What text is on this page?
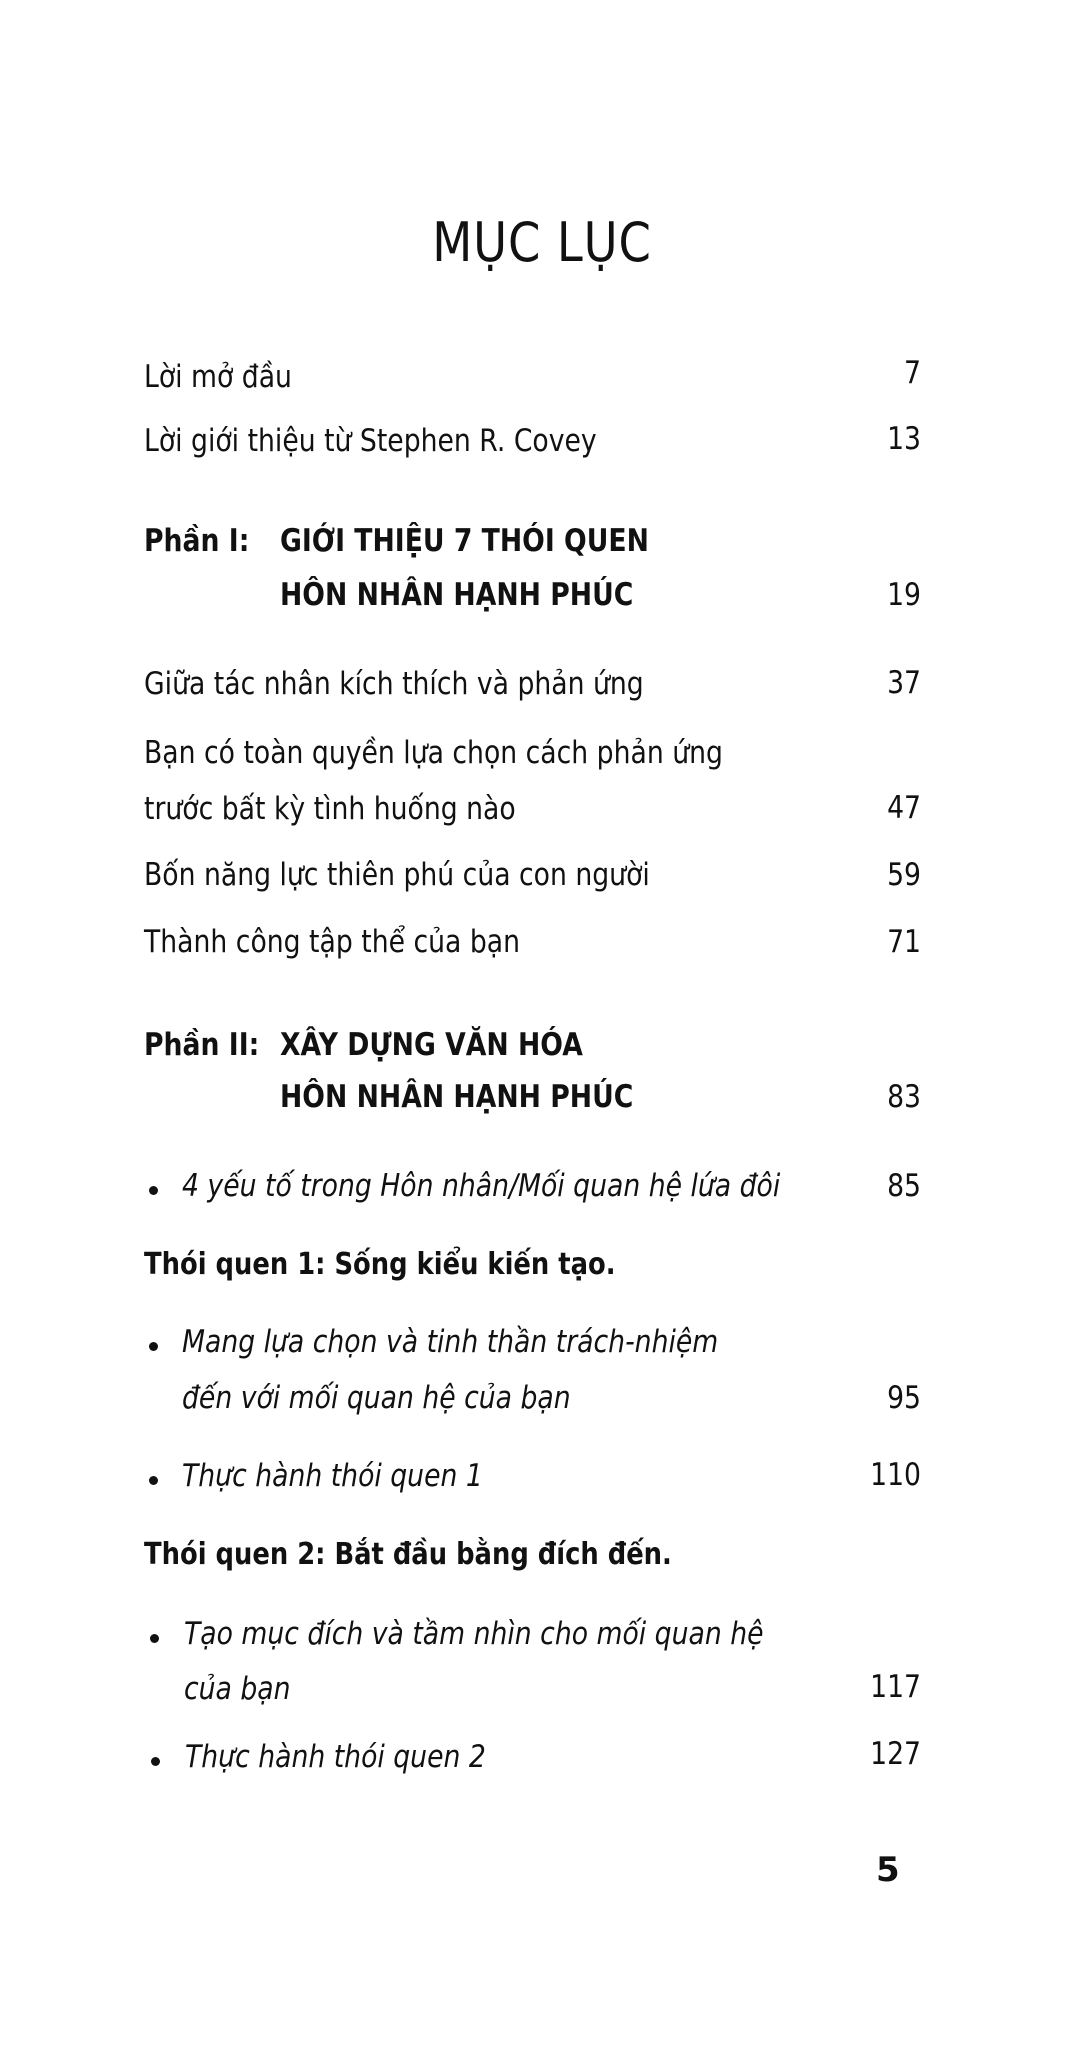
MỤC LỤC
Lời mở đầu	7
Lời giới thiệu từ Stephen R. Covey	13
Phần I: GIỚI THIỆU 7 THÓI QUEN
HÔN NHÂN HẠNH PHÚC	19
Giữa tác nhân kích thích và phản ứng	37
Bạn có toàn quyền lựa chọn cách phản ứng
trước bất kỳ tình huống nào	47
Bốn năng lực thiên phú của con người	59
Thành công tập thể của bạn	71
Phần II: XÂY DỰNG VĂN HÓA
HÔN NHÂN HẠNH PHÚC	83
4 yếu tố trong Hôn nhân/Mối quan hệ lứa đôi	85
Thói quen 1: Sống kiểu kiến tạo.
Mang lựa chọn và tinh thần trách-nhiệm
đến với mối quan hệ của bạn	95
Thực hành thói quen 1	110
Thói quen 2: Bắt đầu bằng đích đến.
Tạo mục đích và tầm nhìn cho mối quan hệ
của bạn	117
Thực hành thói quen 2	127
5
